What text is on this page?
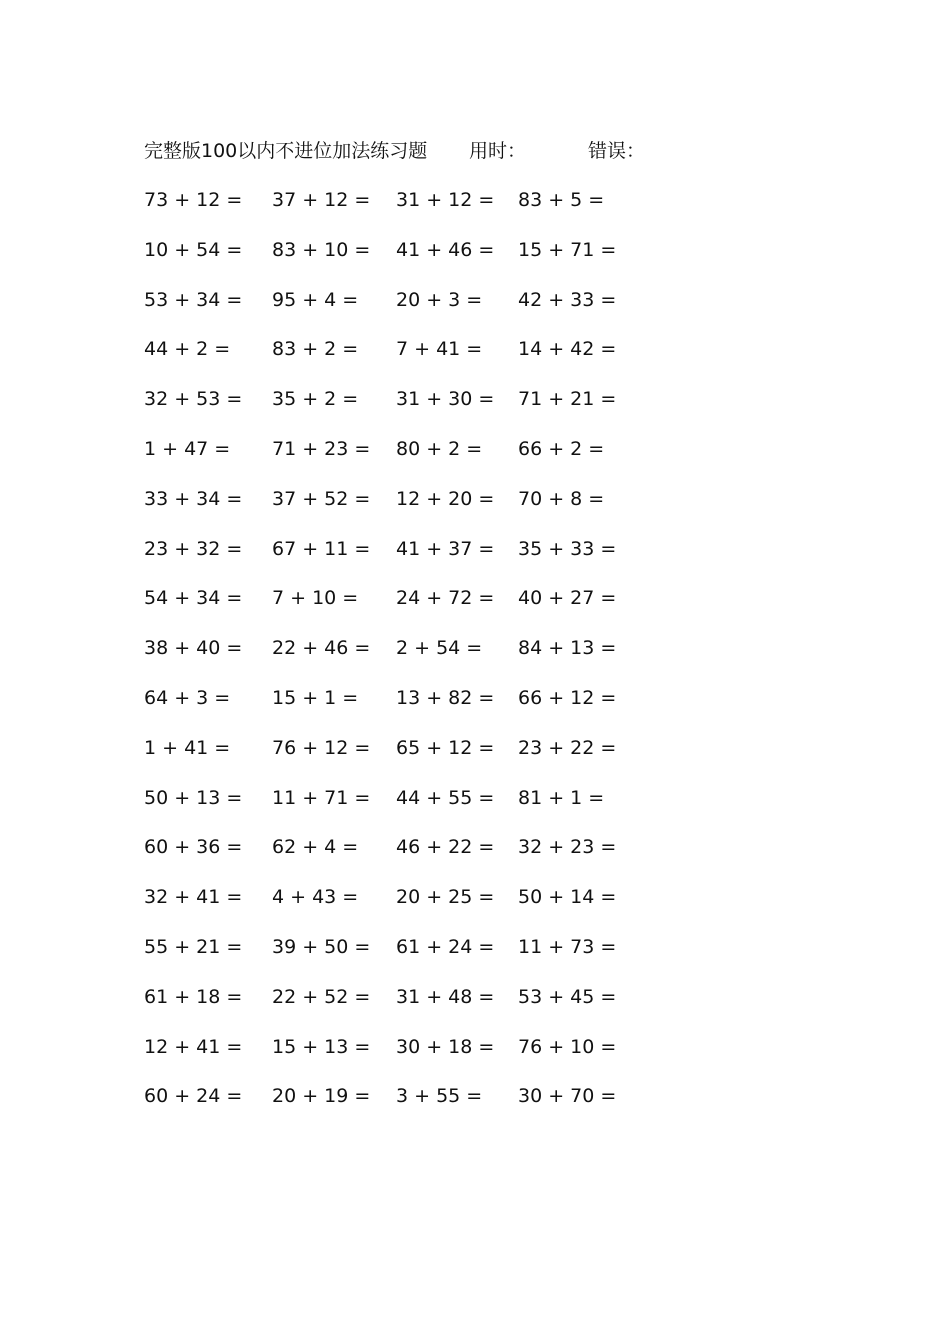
完整版100以内不进位加法练习题 用时：	错误：
73 + 12 = 37 + 12 = 31 + 12 = 83 + 5 =
10 + 54 = 83 + 10 = 41 + 46 = 15 + 71 =
53 + 34 = 95 + 4 = 20 + 3 = 42 + 33 =
44 + 2 = 83 + 2 = 7 + 41 = 14 + 42 =
32 + 53 = 35 + 2 = 31 + 30 = 71 + 21 =
1 + 47 = 71 + 23 = 80 + 2 = 66 + 2 =
33 + 34 = 37 + 52 = 12 + 20 = 70 + 8 =
23 + 32 = 67 + 11 = 41 + 37 = 35 + 33 =
54 + 34 = 7 + 10 = 24 + 72 = 40 + 27 =
38 + 40 = 22 + 46 = 2 + 54 = 84 + 13 =
64 + 3 = 15 + 1 = 13 + 82 = 66 + 12 =
1 + 41 = 76 + 12 = 65 + 12 = 23 + 22 =
50 + 13 = 11 + 71 = 44 + 55 = 81 + 1 =
60 + 36 = 62 + 4 = 46 + 22 = 32 + 23 =
32 + 41 = 4 + 43 = 20 + 25 = 50 + 14 =
55 + 21 = 39 + 50 = 61 + 24 = 11 + 73 =
61 + 18 = 22 + 52 = 31 + 48 = 53 + 45 =
12 + 41 = 15 + 13 = 30 + 18 = 76 + 10 =
60 + 24 = 20 + 19 = 3 + 55 = 30 + 70 =
